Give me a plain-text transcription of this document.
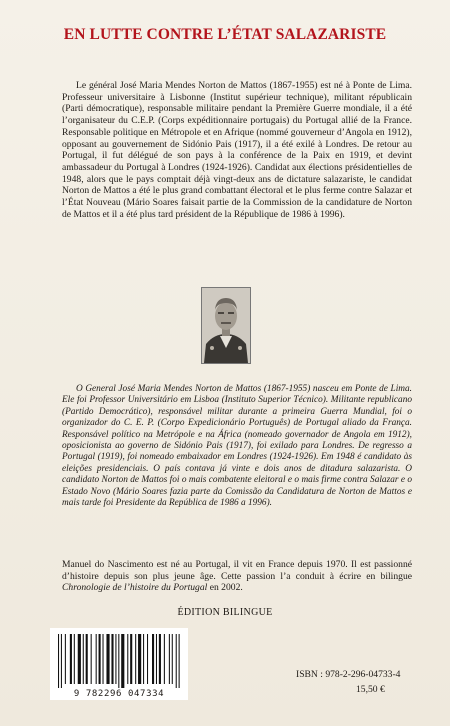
EN LUTTE CONTRE L’ÉTAT SALAZARISTE

Le général José Maria Mendes Norton de Mattos (1867-1955) est né à Ponte de Lima. Professeur universitaire à Lisbonne (Institut supérieur technique), militant républicain (Parti démocratique), responsable militaire pendant la Première Guerre mondiale, il a été l’organisateur du C.E.P. (Corps expéditionnaire portugais) du Portugal allié de la France. Responsable politique en Métropole et en Afrique (nommé gouverneur d’Angola en 1912), opposant au gouvernement de Sidónio Pais (1917), il a été exilé à Londres. De retour au Portugal, il fut délégué de son pays à la conférence de la Paix en 1919, et devint ambassadeur du Portugal à Londres (1924-1926). Candidat aux élections présidentielles de 1948, alors que le pays comptait déjà vingt-deux ans de dictature salazariste, le candidat Norton de Mattos a été le plus grand combattant électoral et le plus ferme contre Salazar et l’État Nouveau (Mário Soares faisait partie de la Commission de la candidature de Norton de Mattos et il a été plus tard président de la République de 1986 à 1996).

O General José Maria Mendes Norton de Mattos (1867-1955) nasceu em Ponte de Lima. Ele foi Professor Universitário em Lisboa (Instituto Superior Técnico). Militante republicano (Partido Democrático), responsável militar durante a primeira Guerra Mundial, foi o organizador do C. E. P. (Corpo Expedicionário Português) de Portugal aliado da França. Responsável político na Metrópole e na África (nomeado governador de Angola em 1912), oposicionista ao governo de Sidónio Pais (1917), foi exilado para Londres. De regresso a Portugal (1919), foi nomeado embaixador em Londres (1924-1926). Em 1948 é candidato às eleições presidenciais. O país contava já vinte e dois anos de ditadura salazarista. O candidato Norton de Mattos foi o mais combatente eleitoral e o mais firme contra Salazar e o Estado Novo (Mário Soares fazia parte da Comissão da Candidatura de Norton de Mattos e mais tarde foi Presidente da República de 1986 a 1996).

Manuel do Nascimento est né au Portugal, il vit en France depuis 1970. Il est passionné d’histoire depuis son plus jeune âge. Cette passion l’a conduit à écrire en bilingue Chronologie de l’histoire du Portugal en 2002.

ÉDITION BILINGUE
9 782296 047334
ISBN : 978-2-296-04733-4
15,50 €
